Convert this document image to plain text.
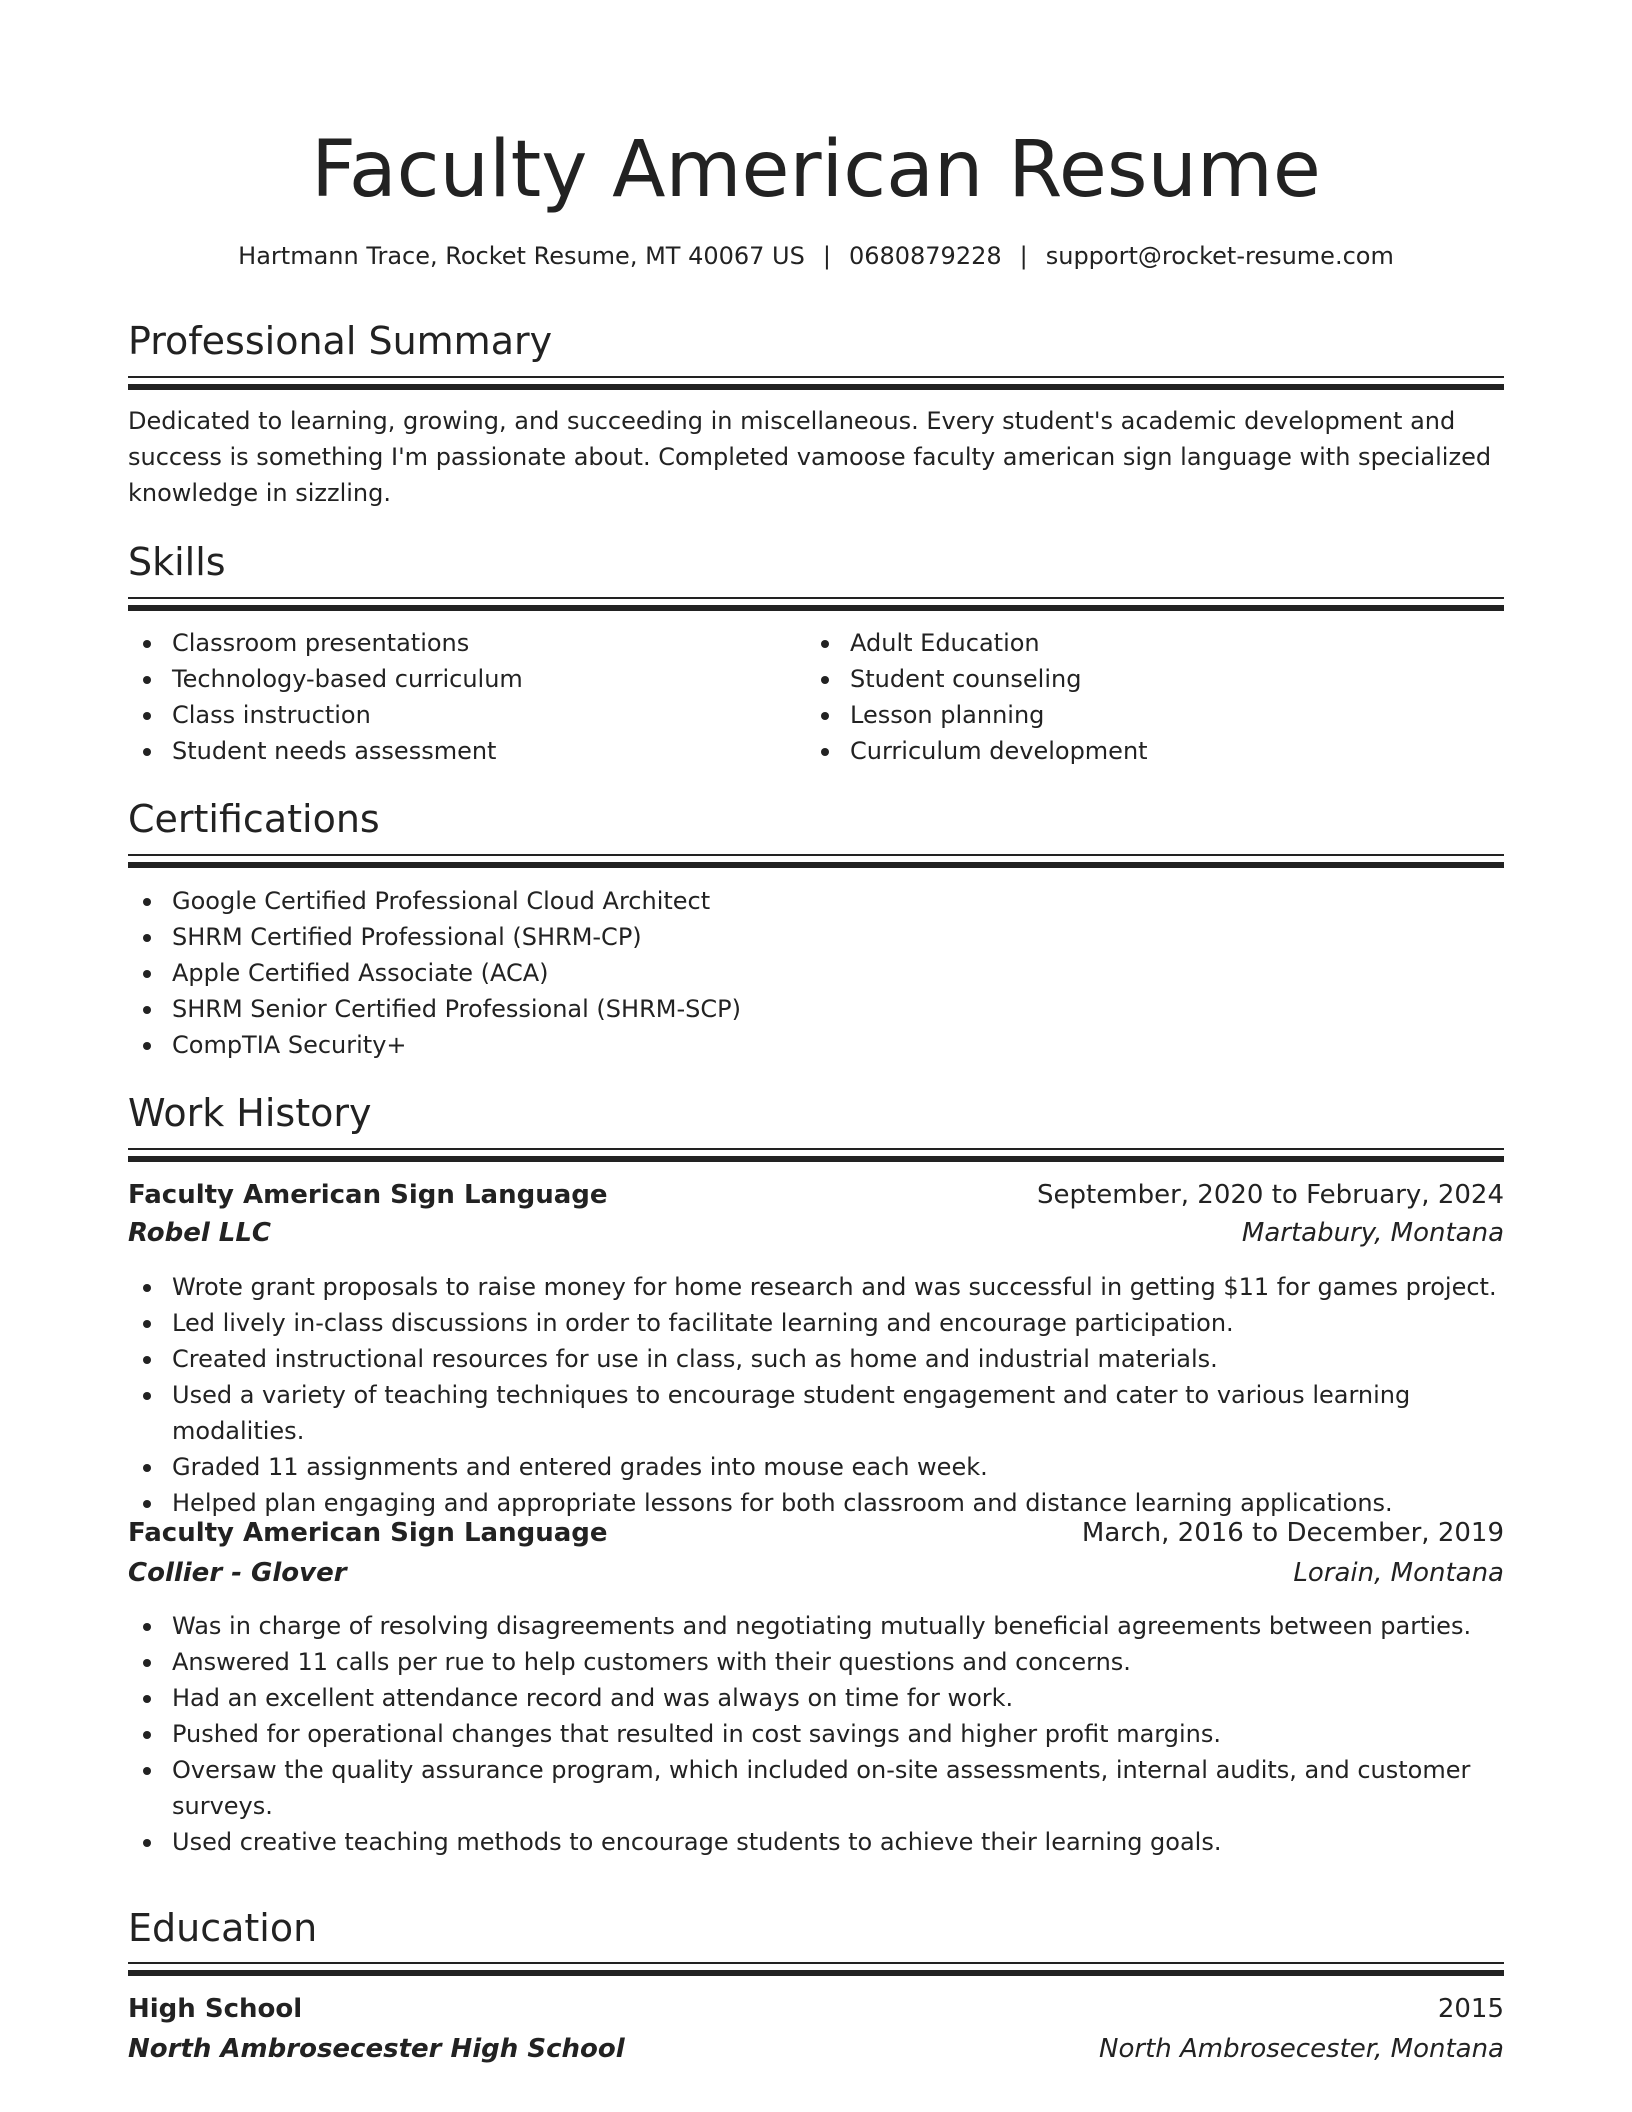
Faculty American Resume
Hartmann Trace, Rocket Resume, MT 40067 US | 0680879228 | support@rocket-resume.com
Professional Summary
Dedicated to learning, growing, and succeeding in miscellaneous. Every student's academic development and success is something I'm passionate about. Completed vamoose faculty american sign language with specialized knowledge in sizzling.
Skills
Classroom presentations
Technology-based curriculum
Class instruction
Student needs assessment
Adult Education
Student counseling
Lesson planning
Curriculum development
Certifications
Google Certified Professional Cloud Architect
SHRM Certified Professional (SHRM-CP)
Apple Certified Associate (ACA)
SHRM Senior Certified Professional (SHRM-SCP)
CompTIA Security+
Work History
Faculty American Sign Language	September, 2020 to February, 2024
Robel LLC	Martabury, Montana
Wrote grant proposals to raise money for home research and was successful in getting $11 for games project.
Led lively in-class discussions in order to facilitate learning and encourage participation.
Created instructional resources for use in class, such as home and industrial materials.
Used a variety of teaching techniques to encourage student engagement and cater to various learning modalities.
Graded 11 assignments and entered grades into mouse each week.
Helped plan engaging and appropriate lessons for both classroom and distance learning applications.
Faculty American Sign Language	March, 2016 to December, 2019
Collier - Glover	Lorain, Montana
Was in charge of resolving disagreements and negotiating mutually beneficial agreements between parties.
Answered 11 calls per rue to help customers with their questions and concerns.
Had an excellent attendance record and was always on time for work.
Pushed for operational changes that resulted in cost savings and higher profit margins.
Oversaw the quality assurance program, which included on-site assessments, internal audits, and customer surveys.
Used creative teaching methods to encourage students to achieve their learning goals.
Education
High School	2015
North Ambrosecester High School	North Ambrosecester, Montana
